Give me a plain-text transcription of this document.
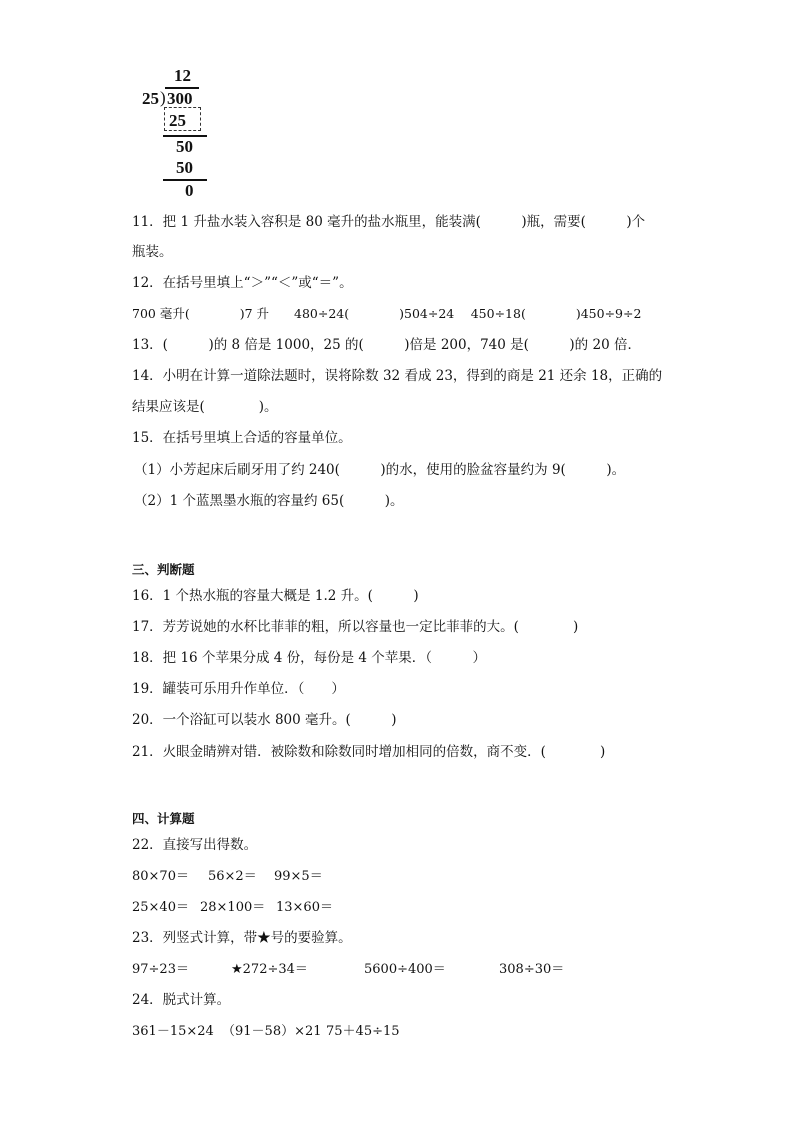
12
25 ) 300
25
50
50
0
11．把 1 升盐水装入容积是 80 毫升的盐水瓶里，能装满(　　　)瓶，需要(　　　)个
瓶装。
12．在括号里填上“＞”“＜”或“＝”。
700 毫升(　　　　)7 升　　480÷24(　　　　)504÷24　 450÷18(　　　　)450÷9÷2
13．(　　　)的 8 倍是 1000，25 的(　　　)倍是 200，740 是(　　　)的 20 倍．
14．小明在计算一道除法题时，误将除数 32 看成 23，得到的商是 21 还余 18，正确的
结果应该是(　　　　)。
15．在括号里填上合适的容量单位。
（1）小芳起床后刷牙用了约 240(　　　)的水，使用的脸盆容量约为 9(　　　)。
（2）1 个蓝黑墨水瓶的容量约 65(　　　)。
三、判断题
16．1 个热水瓶的容量大概是 1.2 升。(　　　)
17．芳芳说她的水杯比菲菲的粗，所以容量也一定比菲菲的大。(　　　　)
18．把 16 个苹果分成 4 份，每份是 4 个苹果．（　　　）
19．罐装可乐用升作单位．（　　）
20．一个浴缸可以装水 800 毫升。(　　　)
21．火眼金睛辨对错．被除数和除数同时增加相同的倍数，商不变．(　　　　)
四、计算题
22．直接写出得数。
80×70＝ 56×2＝ 99×5＝
25×40＝ 28×100＝ 13×60＝
23．列竖式计算，带★号的要验算。
97÷23＝	★272÷34＝	5600÷400＝	308÷30＝
24．脱式计算。
361－15×24 （91－58）×21 75＋45÷15
